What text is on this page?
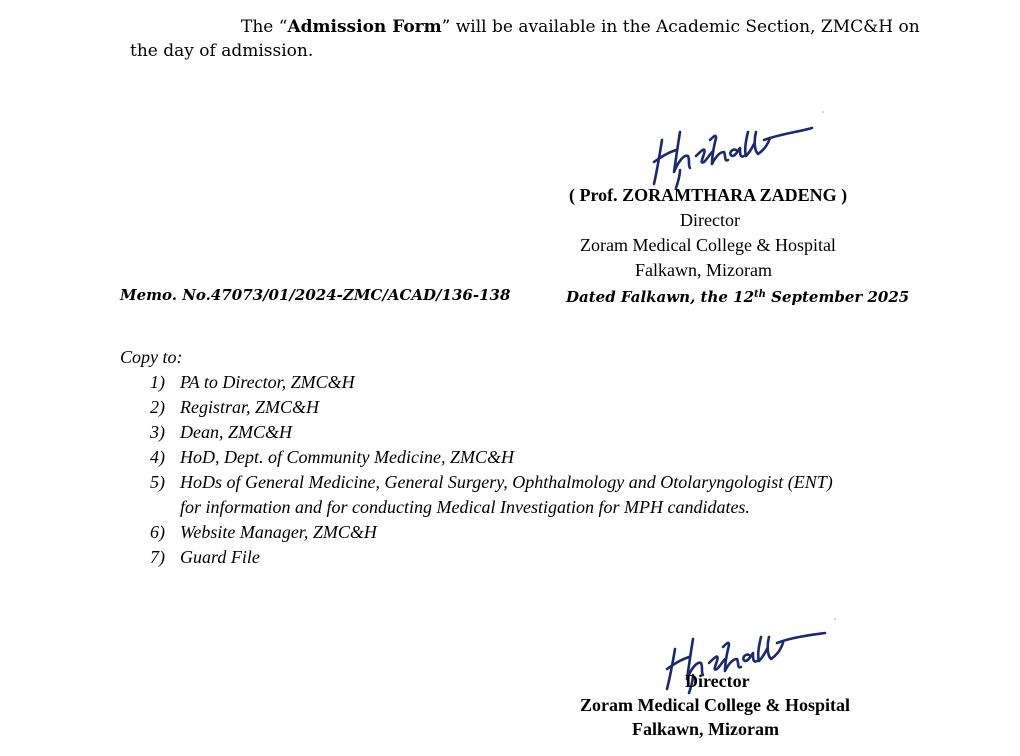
The “Admission Form” will be available in the Academic Section, ZMC&H on
the day of admission.
( Prof. ZORAMTHARA ZADENG )
Director
Zoram Medical College & Hospital
Falkawn, Mizoram
Memo. No.47073/01/2024-ZMC/ACAD/136-138	Dated Falkawn, the 12th September 2025
Copy to:
1) PA to Director, ZMC&H
2) Registrar, ZMC&H
3) Dean, ZMC&H
4) HoD, Dept. of Community Medicine, ZMC&H
5) HoDs of General Medicine, General Surgery, Ophthalmology and Otolaryngologist (ENT)
for information and for conducting Medical Investigation for MPH candidates.
6) Website Manager, ZMC&H
7) Guard File
Director
Zoram Medical College & Hospital
Falkawn, Mizoram
